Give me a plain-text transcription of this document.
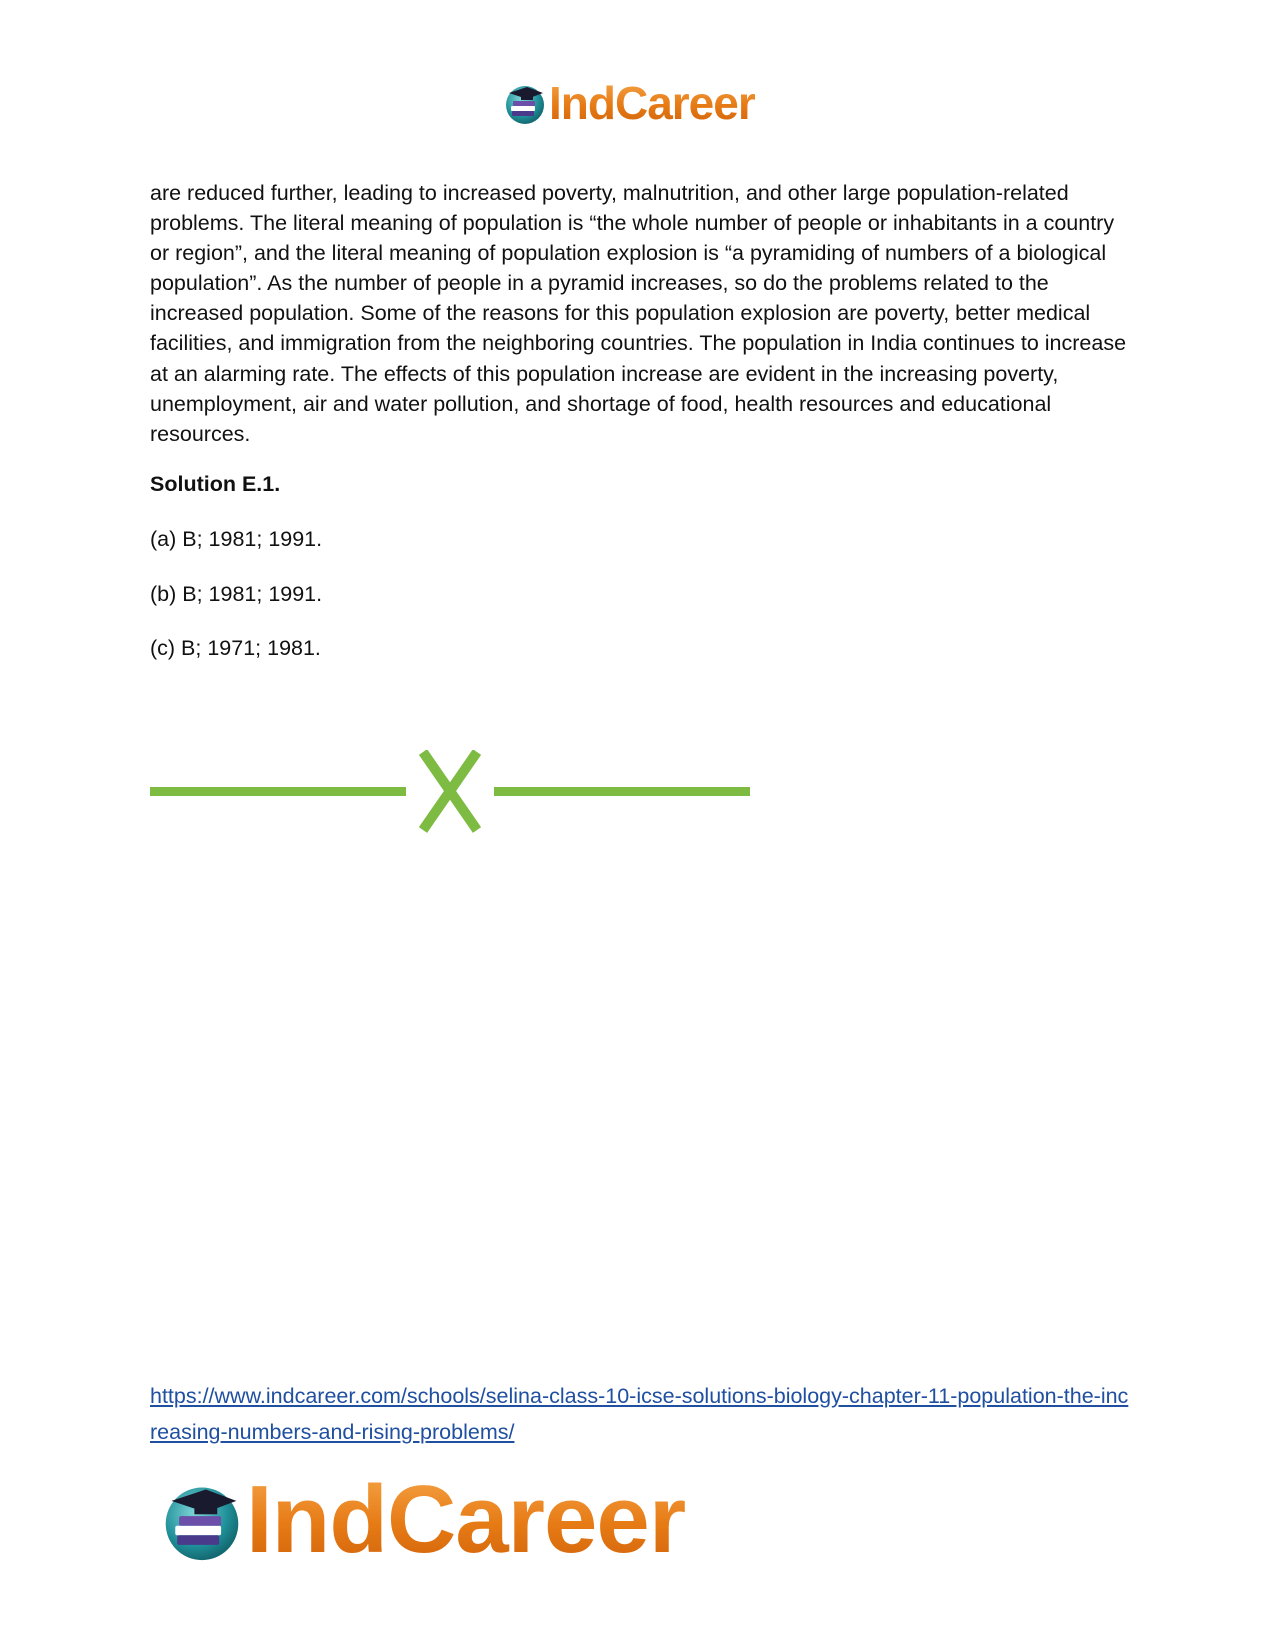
IndCareer

are reduced further, leading to increased poverty, malnutrition, and other large population-related problems. The literal meaning of population is “the whole number of people or inhabitants in a country or region”, and the literal meaning of population explosion is “a pyramiding of numbers of a biological population”. As the number of people in a pyramid increases, so do the problems related to the increased population. Some of the reasons for this population explosion are poverty, better medical facilities, and immigration from the neighboring countries. The population in India continues to increase at an alarming rate. The effects of this population increase are evident in the increasing poverty, unemployment, air and water pollution, and shortage of food, health resources and educational resources.

Solution E.1.

(a) B; 1981; 1991.

(b) B; 1981; 1991.

(c) B; 1971; 1981.

https://www.indcareer.com/schools/selina-class-10-icse-solutions-biology-chapter-11-population-the-increasing-numbers-and-rising-problems/

IndCareer
